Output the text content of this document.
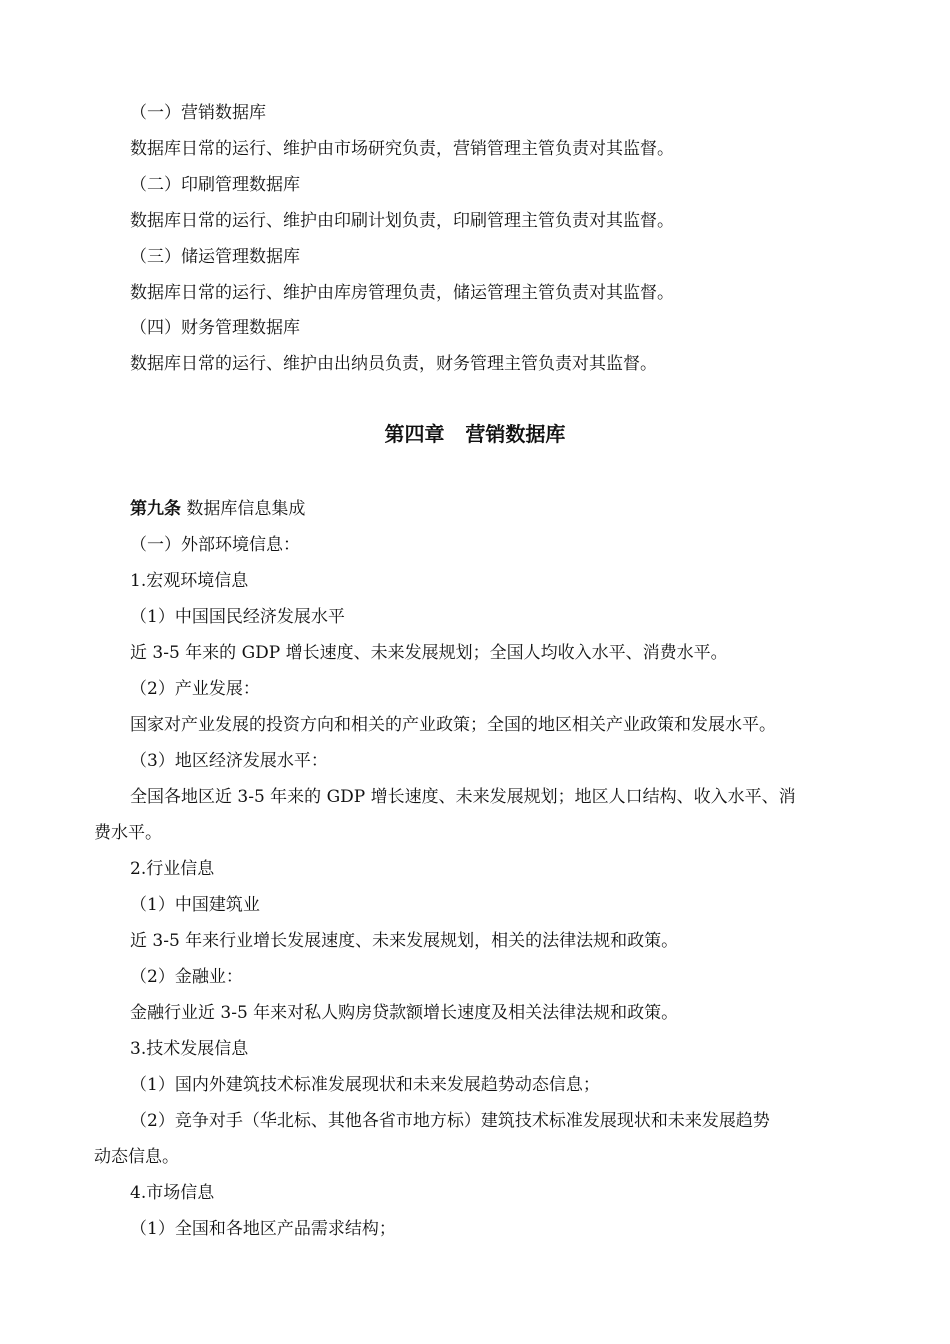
（一）营销数据库
数据库日常的运行、维护由市场研究负责，营销管理主管负责对其监督。
（二）印刷管理数据库
数据库日常的运行、维护由印刷计划负责，印刷管理主管负责对其监督。
（三）储运管理数据库
数据库日常的运行、维护由库房管理负责，储运管理主管负责对其监督。
（四）财务管理数据库
数据库日常的运行、维护由出纳员负责，财务管理主管负责对其监督。
第四章   营销数据库
第九条 数据库信息集成
（一）外部环境信息：
1.宏观环境信息
（1）中国国民经济发展水平
近 3-5 年来的 GDP 增长速度、未来发展规划；全国人均收入水平、消费水平。
（2）产业发展：
国家对产业发展的投资方向和相关的产业政策；全国的地区相关产业政策和发展水平。
（3）地区经济发展水平：
全国各地区近 3-5 年来的 GDP 增长速度、未来发展规划；地区人口结构、收入水平、消
费水平。
2.行业信息
（1）中国建筑业
近 3-5 年来行业增长发展速度、未来发展规划，相关的法律法规和政策。
（2）金融业：
金融行业近 3-5 年来对私人购房贷款额增长速度及相关法律法规和政策。
3.技术发展信息
（1）国内外建筑技术标准发展现状和未来发展趋势动态信息；
（2）竞争对手（华北标、其他各省市地方标）建筑技术标准发展现状和未来发展趋势
动态信息。
4.市场信息
（1）全国和各地区产品需求结构；
